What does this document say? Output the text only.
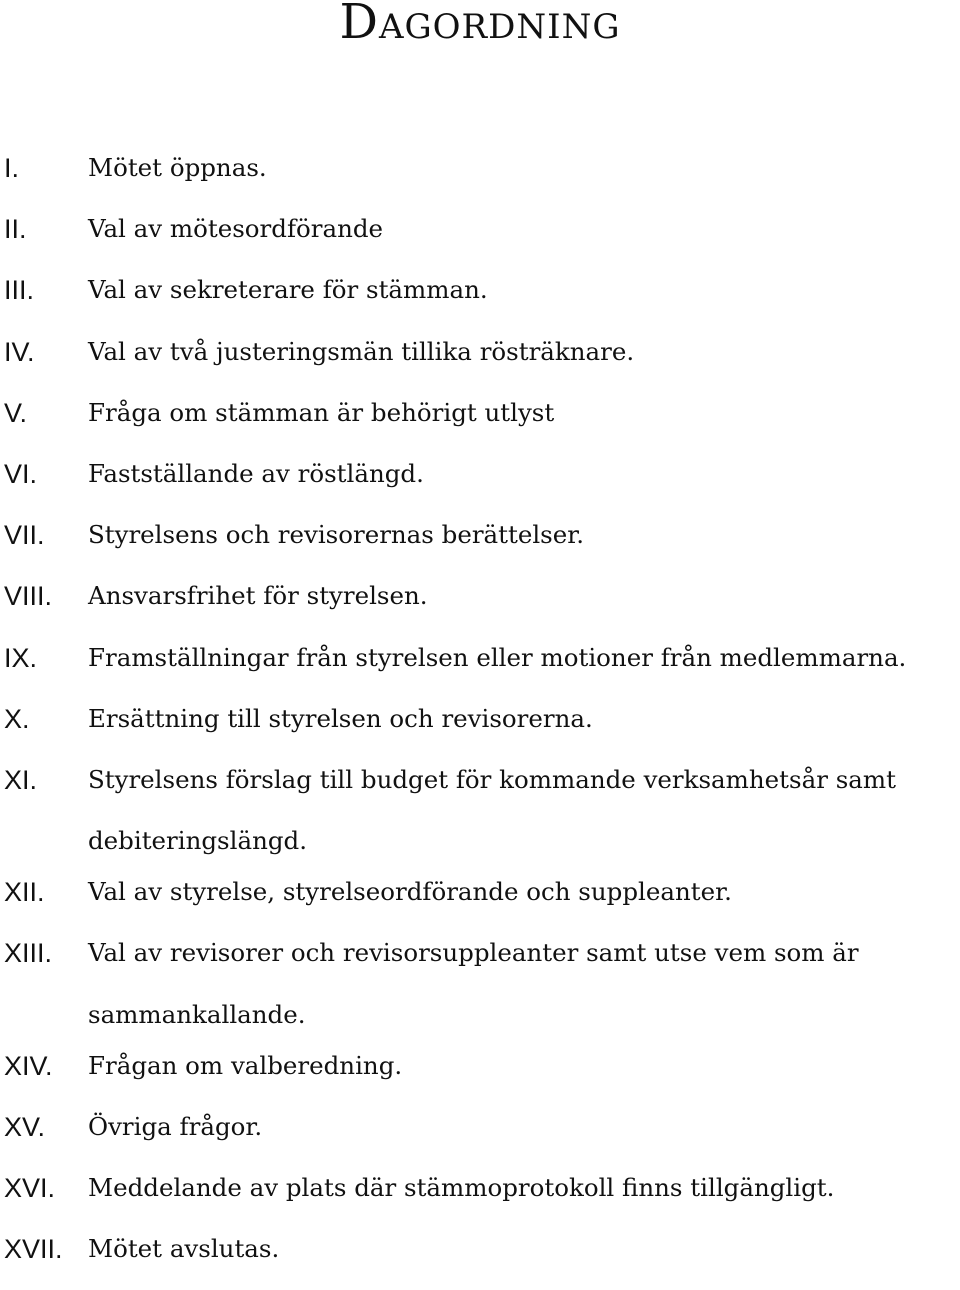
Dagordning
I.	Mötet öppnas.
II.	Val av mötesordförande
III.	Val av sekreterare för stämman.
IV.	Val av två justeringsmän tillika rösträknare.
V.	Fråga om stämman är behörigt utlyst
VI.	Fastställande av röstlängd.
VII.	Styrelsens och revisorernas berättelser.
VIII.	Ansvarsfrihet för styrelsen.
IX.	Framställningar från styrelsen eller motioner från medlemmarna.
X.	Ersättning till styrelsen och revisorerna.
XI.	Styrelsens förslag till budget för kommande verksamhetsår samt debiteringslängd.
XII.	Val av styrelse, styrelseordförande och suppleanter.
XIII.	Val av revisorer och revisorsuppleanter samt utse vem som är sammankallande.
XIV.	Frågan om valberedning.
XV.	Övriga frågor.
XVI.	Meddelande av plats där stämmoprotokoll finns tillgängligt.
XVII.	Mötet avslutas.
